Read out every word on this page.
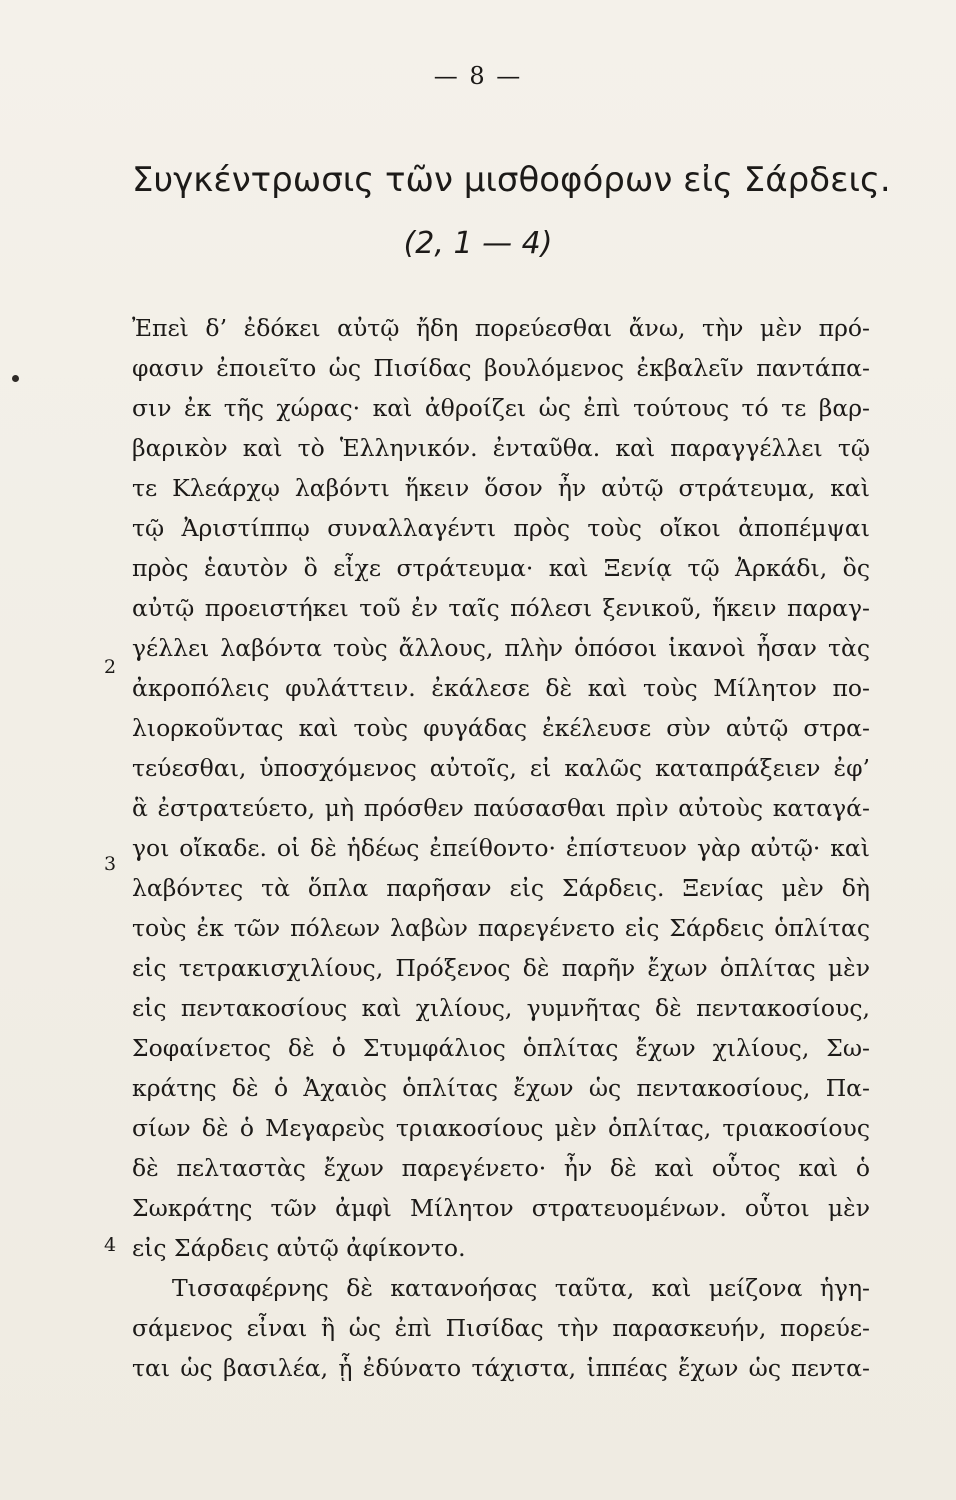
— 8 —
Συγκέντρωσις τῶν μισθοφόρων εἰς Σάρδεις.
(2, 1 — 4)
2
3
4
Ἐπεὶ δ’ ἐδόκει αὐτῷ ἤδη πορεύεσθαι ἄνω, τὴν μὲν πρό-
φασιν ἐποιεῖτο ὡς Πισίδας βουλόμενος ἐκβαλεῖν παντάπα-
σιν ἐκ τῆς χώρας· καὶ ἀθροίζει ὡς ἐπὶ τούτους τό τε βαρ-
βαρικὸν καὶ τὸ Ἑλληνικόν. ἐνταῦθα. καὶ παραγγέλλει τῷ
τε Κλεάρχῳ λαβόντι ἥκειν ὅσον ἦν αὐτῷ στράτευμα, καὶ
τῷ Ἀριστίππῳ συναλλαγέντι πρὸς τοὺς οἴκοι ἀποπέμψαι
πρὸς ἑαυτὸν ὃ εἶχε στράτευμα· καὶ Ξενίᾳ τῷ Ἀρκάδι, ὃς
αὐτῷ προειστήκει τοῦ ἐν ταῖς πόλεσι ξενικοῦ, ἥκειν παραγ-
γέλλει λαβόντα τοὺς ἄλλους, πλὴν ὁπόσοι ἱκανοὶ ἦσαν τὰς
ἀκροπόλεις φυλάττειν. ἐκάλεσε δὲ καὶ τοὺς Μίλητον πο-
λιορκοῦντας καὶ τοὺς φυγάδας ἐκέλευσε σὺν αὐτῷ στρα-
τεύεσθαι, ὑποσχόμενος αὐτοῖς, εἰ καλῶς καταπράξειεν ἐφ’
ἃ ἐστρατεύετο, μὴ πρόσθεν παύσασθαι πρὶν αὐτοὺς καταγά-
γοι οἴκαδε. οἱ δὲ ἡδέως ἐπείθοντο· ἐπίστευον γὰρ αὐτῷ· καὶ
λαβόντες τὰ ὅπλα παρῆσαν εἰς Σάρδεις. Ξενίας μὲν δὴ
τοὺς ἐκ τῶν πόλεων λαβὼν παρεγένετο εἰς Σάρδεις ὁπλίτας
εἰς τετρακισχιλίους, Πρόξενος δὲ παρῆν ἔχων ὁπλίτας μὲν
εἰς πεντακοσίους καὶ χιλίους, γυμνῆτας δὲ πεντακοσίους,
Σοφαίνετος δὲ ὁ Στυμφάλιος ὁπλίτας ἔχων χιλίους, Σω-
κράτης δὲ ὁ Ἀχαιὸς ὁπλίτας ἔχων ὡς πεντακοσίους, Πα-
σίων δὲ ὁ Μεγαρεὺς τριακοσίους μὲν ὁπλίτας, τριακοσίους
δὲ πελταστὰς ἔχων παρεγένετο· ἦν δὲ καὶ οὗτος καὶ ὁ
Σωκράτης τῶν ἀμφὶ Μίλητον στρατευομένων. οὗτοι μὲν
εἰς Σάρδεις αὐτῷ ἀφίκοντο.
Τισσαφέρνης δὲ κατανοήσας ταῦτα, καὶ μείζονα ἡγη-
σάμενος εἶναι ἢ ὡς ἐπὶ Πισίδας τὴν παρασκευήν, πορεύε-
ται ὡς βασιλέα, ᾗ ἐδύνατο τάχιστα, ἱππέας ἔχων ὡς πεντα-
